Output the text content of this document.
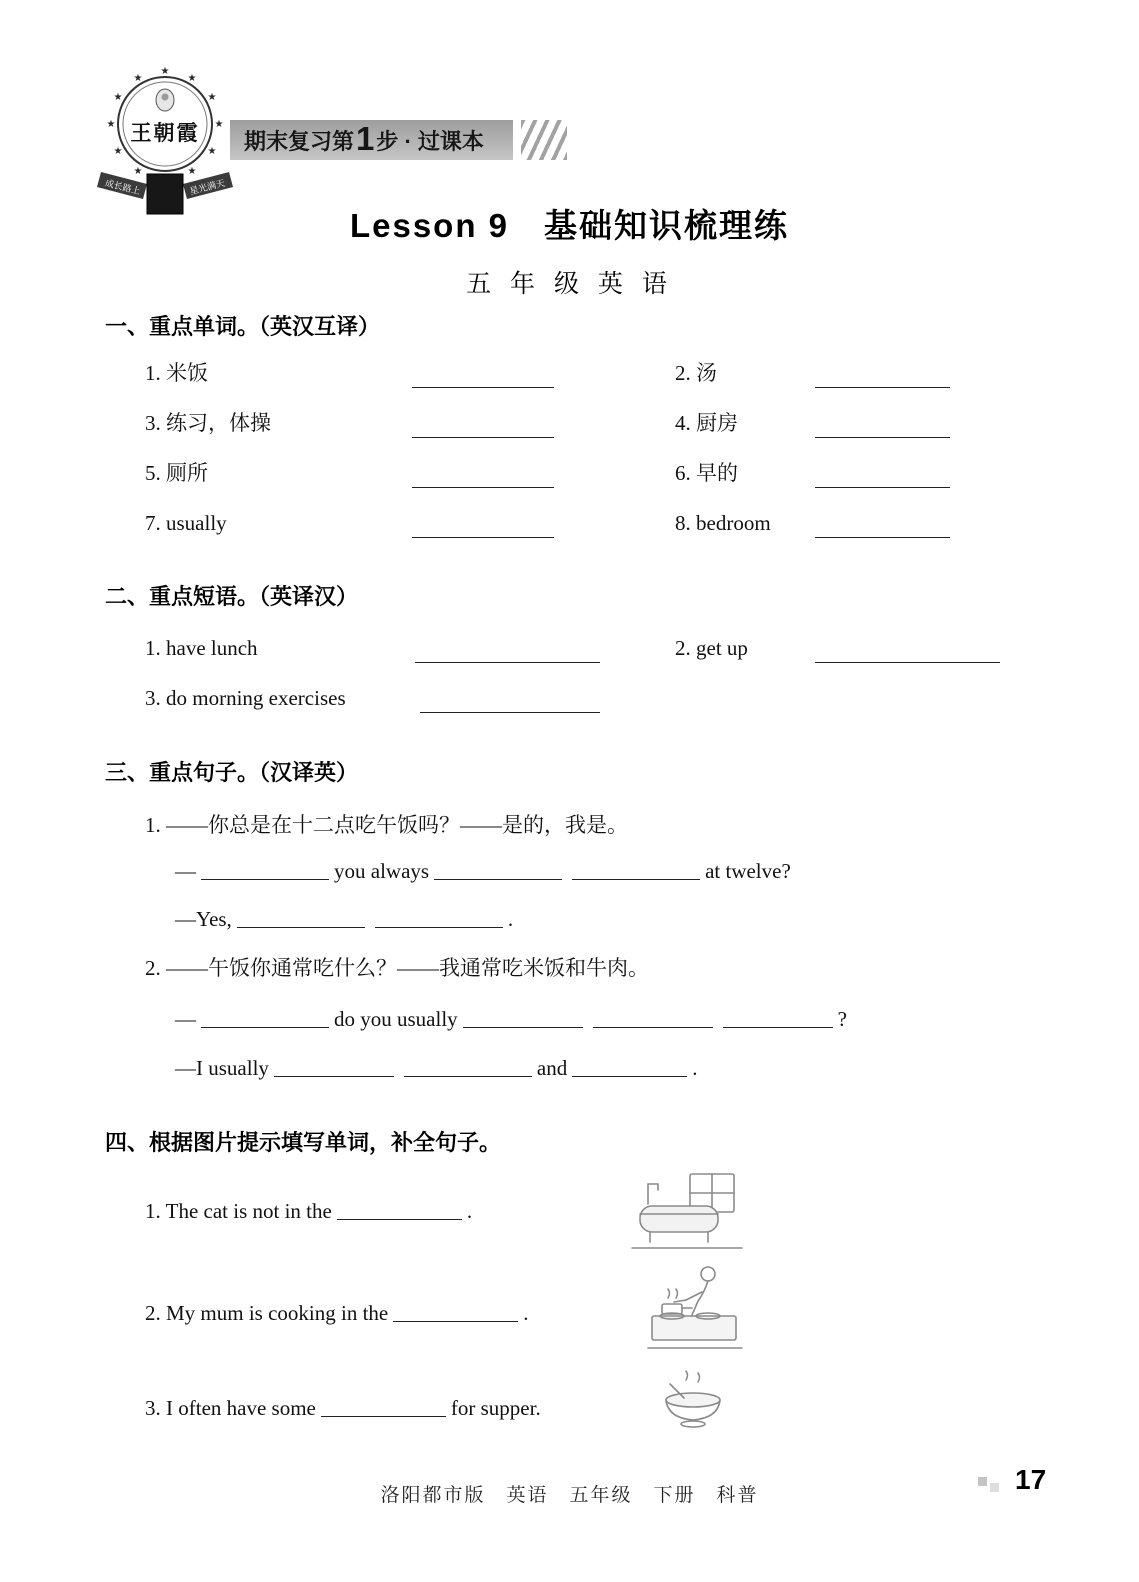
★
★
★
★
★
★
★
★
★
★
★
王朝霞
成长路上	星光满天
期末复习第 1 步 · 过课本
Lesson 9　基础知识梳理练
五 年 级 英 语
一、重点单词。（英汉互译）
1. 米饭	2. 汤
3. 练习，体操	4. 厨房
5. 厕所	6. 早的
7. usually	8. bedroom
二、重点短语。（英译汉）
1. have lunch	2. get up
3. do morning exercises
三、重点句子。（汉译英）
1. ——你总是在十二点吃午饭吗？——是的，我是。
—	you always	at twelve?
—Yes,	.
2. ——午饭你通常吃什么？——我通常吃米饭和牛肉。
—	do you usually	?
—I usually	and	.
四、根据图片提示填写单词，补全句子。
1. The cat is not in the	.
2. My mum is cooking in the	.
3. I often have some	for supper.
洛阳都市版　英语　五年级　下册　科普
17
